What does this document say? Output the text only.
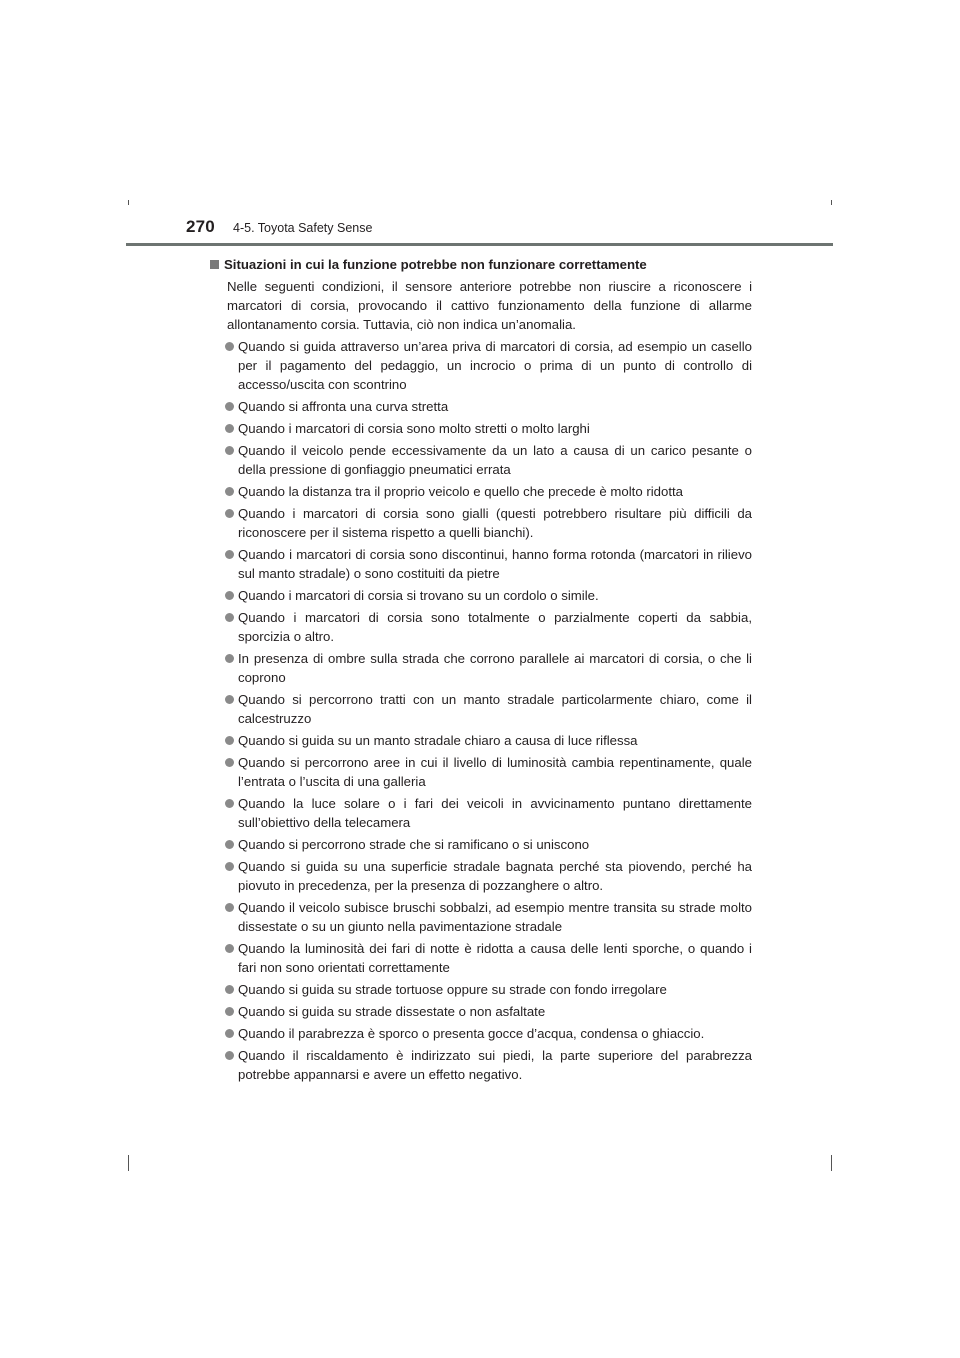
270 4-5. Toyota Safety Sense
Situazioni in cui la funzione potrebbe non funzionare correttamente

Nelle seguenti condizioni, il sensore anteriore potrebbe non riuscire a riconoscere i marcatori di corsia, provocando il cattivo funzionamento della funzione di allarme allontanamento corsia. Tuttavia, ciò non indica un’anomalia.

Quando si guida attraverso un’area priva di marcatori di corsia, ad esempio un casello per il pagamento del pedaggio, un incrocio o prima di un punto di controllo di accesso/uscita con scontrino
Quando si affronta una curva stretta
Quando i marcatori di corsia sono molto stretti o molto larghi
Quando il veicolo pende eccessivamente da un lato a causa di un carico pesante o della pressione di gonfiaggio pneumatici errata
Quando la distanza tra il proprio veicolo e quello che precede è molto ridotta
Quando i marcatori di corsia sono gialli (questi potrebbero risultare più difficili da riconoscere per il sistema rispetto a quelli bianchi).
Quando i marcatori di corsia sono discontinui, hanno forma rotonda (marcatori in rilievo sul manto stradale) o sono costituiti da pietre
Quando i marcatori di corsia si trovano su un cordolo o simile.
Quando i marcatori di corsia sono totalmente o parzialmente coperti da sabbia, sporcizia o altro.
In presenza di ombre sulla strada che corrono parallele ai marcatori di corsia, o che li coprono
Quando si percorrono tratti con un manto stradale particolarmente chiaro, come il calcestruzzo
Quando si guida su un manto stradale chiaro a causa di luce riflessa
Quando si percorrono aree in cui il livello di luminosità cambia repentinamente, quale l’entrata o l’uscita di una galleria
Quando la luce solare o i fari dei veicoli in avvicinamento puntano direttamente sull’obiettivo della telecamera
Quando si percorrono strade che si ramificano o si uniscono
Quando si guida su una superficie stradale bagnata perché sta piovendo, perché ha piovuto in precedenza, per la presenza di pozzanghere o altro.
Quando il veicolo subisce bruschi sobbalzi, ad esempio mentre transita su strade molto dissestate o su un giunto nella pavimentazione stradale
Quando la luminosità dei fari di notte è ridotta a causa delle lenti sporche, o quando i fari non sono orientati correttamente
Quando si guida su strade tortuose oppure su strade con fondo irregolare
Quando si guida su strade dissestate o non asfaltate
Quando il parabrezza è sporco o presenta gocce d’acqua, condensa o ghiaccio.
Quando il riscaldamento è indirizzato sui piedi, la parte superiore del parabrezza potrebbe appannarsi e avere un effetto negativo.
